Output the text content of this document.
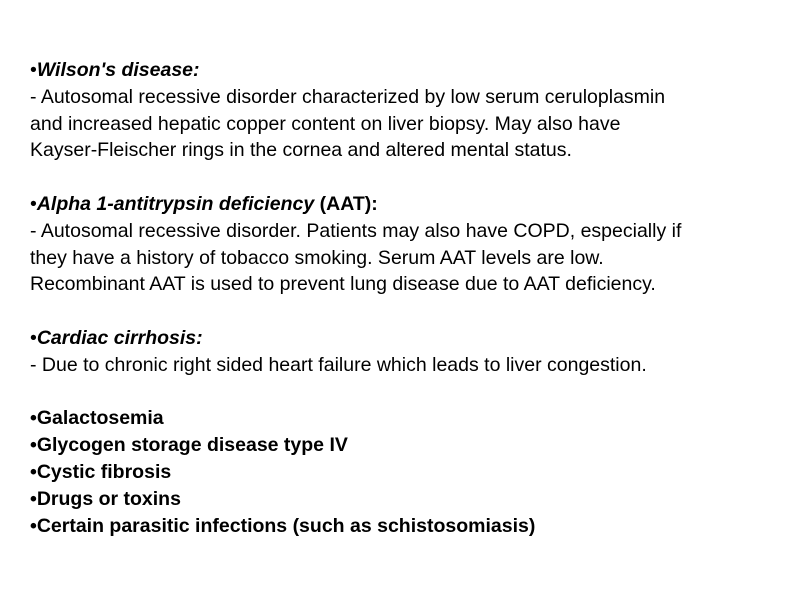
•Wilson's disease:
- Autosomal recessive disorder characterized by low serum ceruloplasmin
and increased hepatic copper content on liver biopsy. May also have
Kayser-Fleischer rings in the cornea and altered mental status.
•Alpha 1-antitrypsin deficiency (AAT):
- Autosomal recessive disorder. Patients may also have COPD, especially if
they have a history of tobacco smoking. Serum AAT levels are low.
Recombinant AAT is used to prevent lung disease due to AAT deficiency.
•Cardiac cirrhosis:
- Due to chronic right sided heart failure which leads to liver congestion.
•Galactosemia
•Glycogen storage disease type IV
•Cystic fibrosis
•Drugs or toxins
•Certain parasitic infections (such as schistosomiasis)
